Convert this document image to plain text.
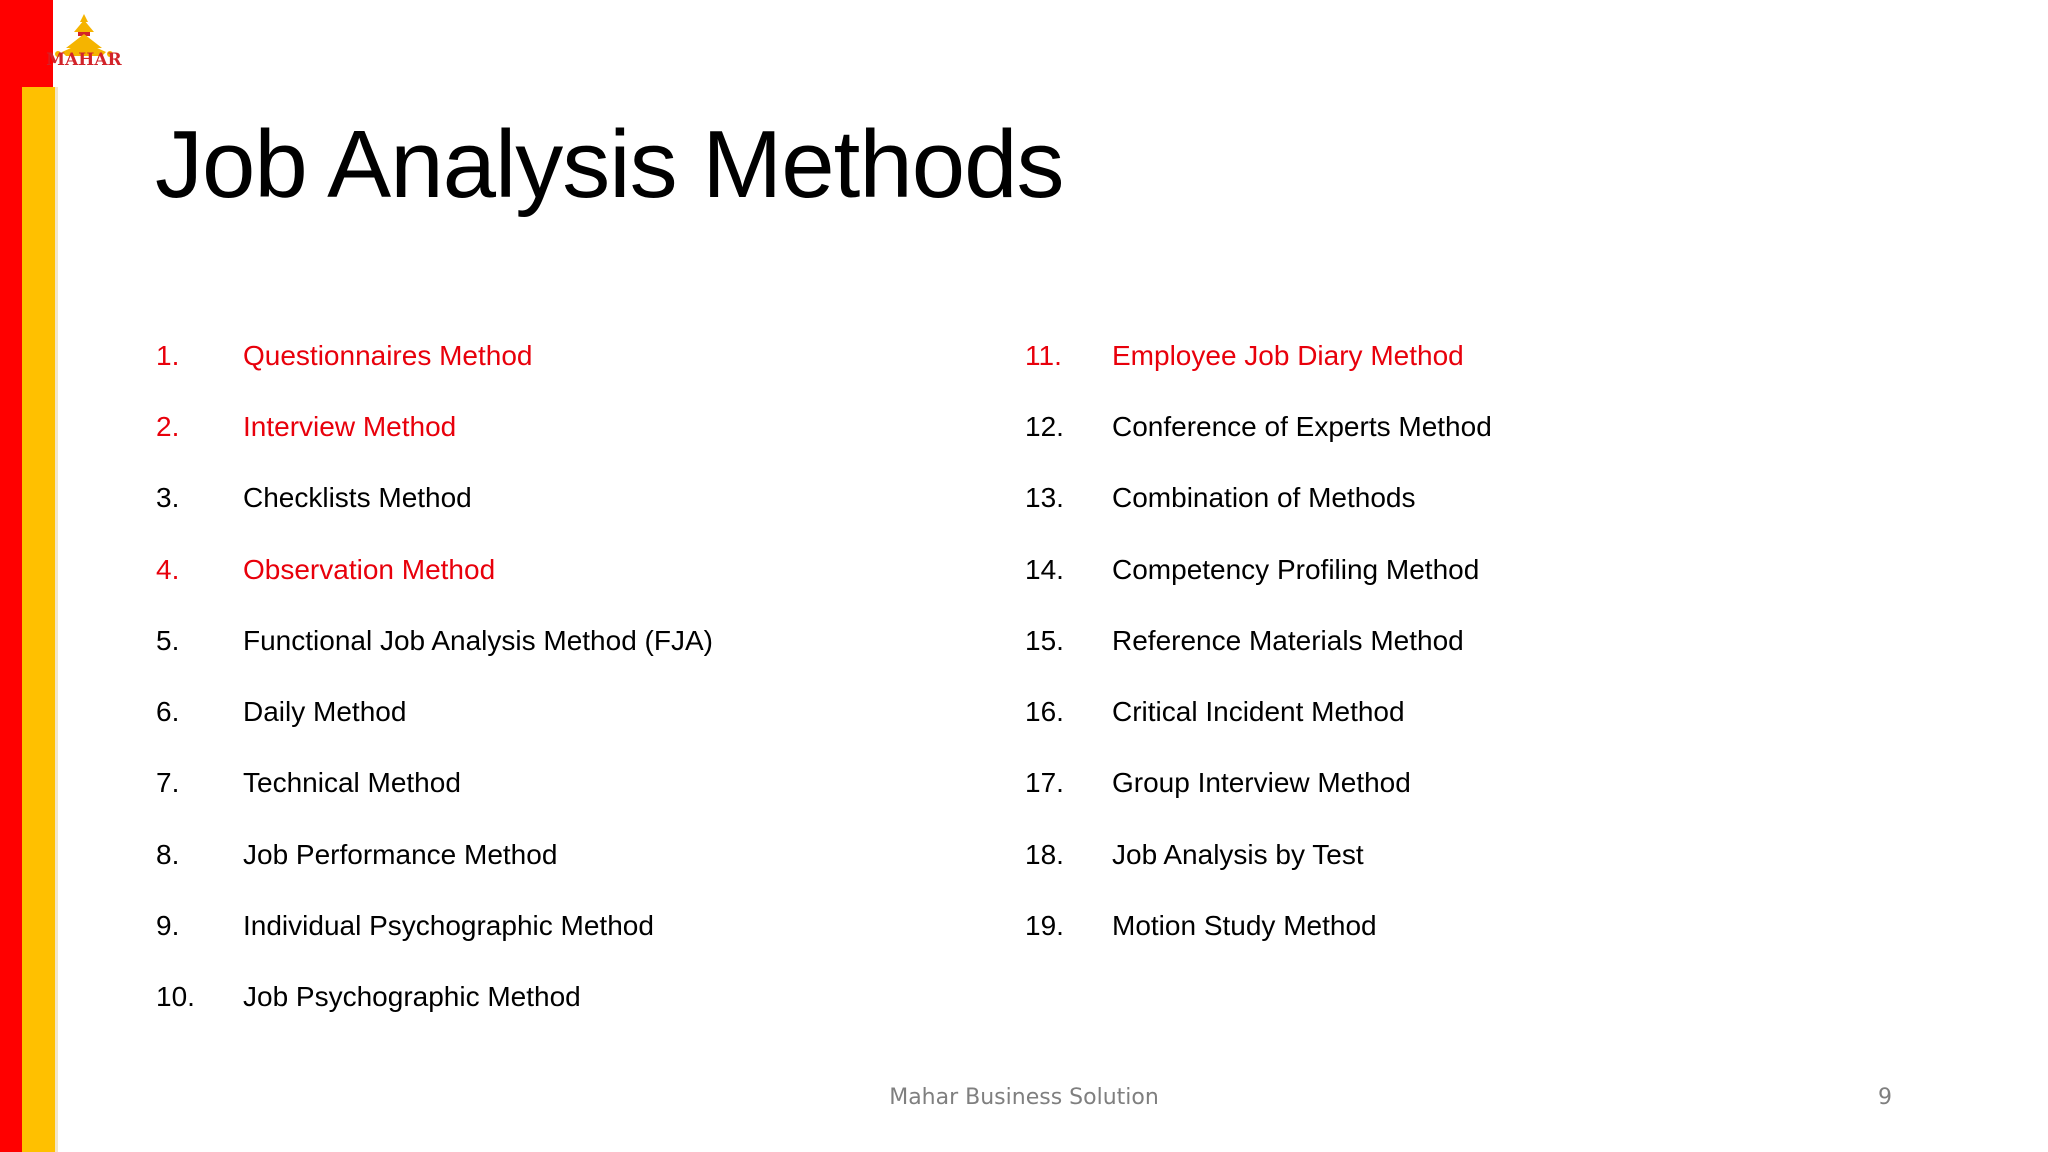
MAHAR
Job Analysis Methods
1.	Questionnaires Method
2.	Interview Method
3.	Checklists Method
4.	Observation Method
5.	Functional Job Analysis Method (FJA)
6.	Daily Method
7.	Technical Method
8.	Job Performance Method
9.	Individual Psychographic Method
10.	Job Psychographic Method
11.	Employee Job Diary Method
12.	Conference of Experts Method
13.	Combination of Methods
14.	Competency Profiling Method
15.	Reference Materials Method
16.	Critical Incident Method
17.	Group Interview Method
18.	Job Analysis by Test
19.	Motion Study Method
Mahar Business Solution	9
